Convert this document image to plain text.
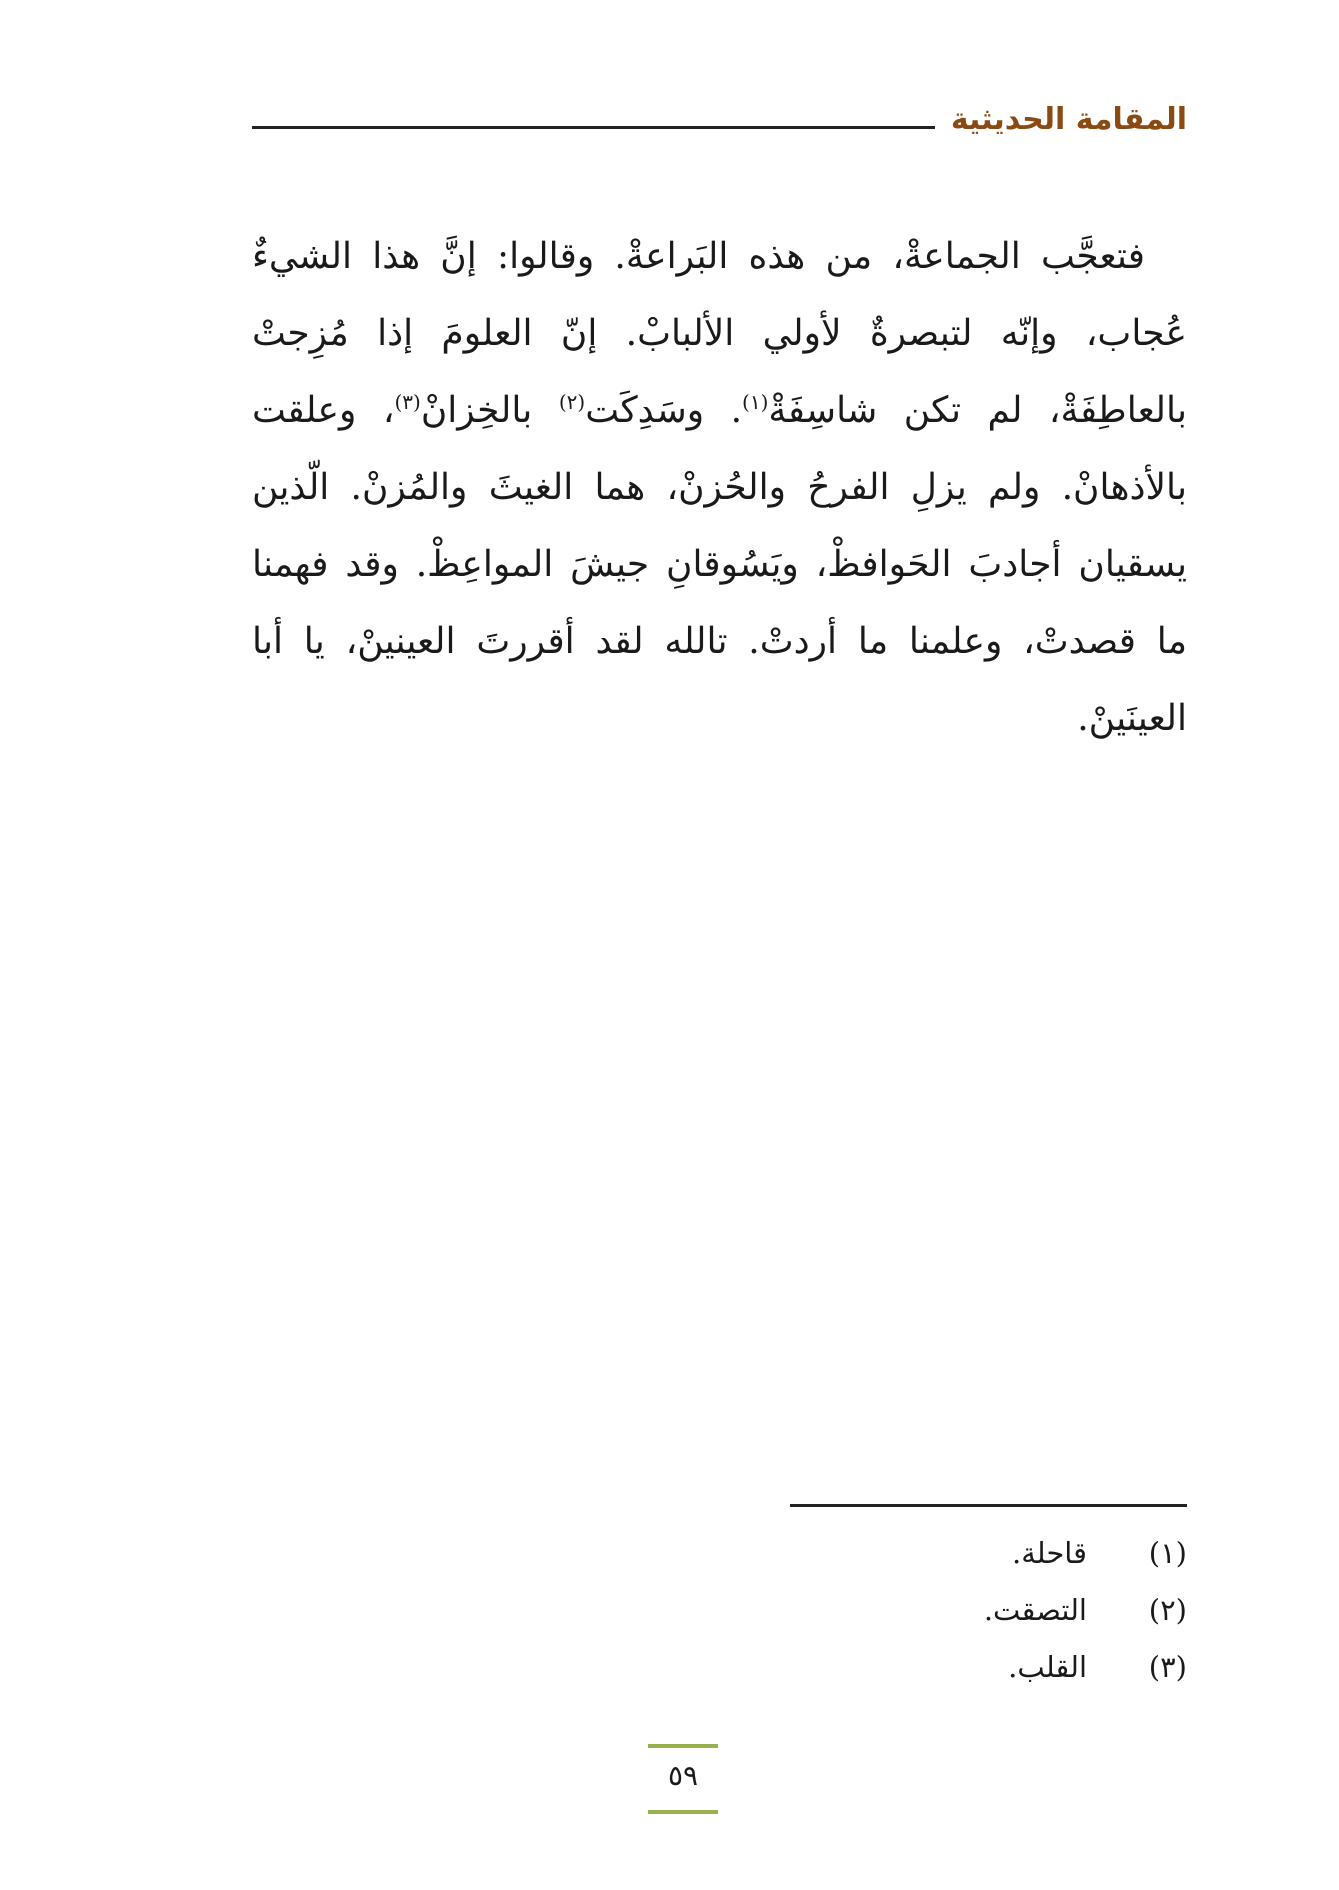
المقامة الحديثية

فتعجَّب الجماعةْ، من هذه البَراعةْ. وقالوا: إنَّ هذا الشيءٌ عُجاب، وإنّه لتبصرةٌ لأولي الألبابْ. إنّ العلومَ إذا مُزِجتْ بالعاطِفَةْ، لم تكن شاسِفَةْ$^{(١)}$. وسَدِكَت$^{(٢)}$ بالخِزانْ$^{(٣)}$، وعلقت بالأذهانْ. ولم يزلِ الفرحُ والحُزنْ، هما الغيثَ والمُزنْ. الّذين يسقيان أجادبَ الحَوافظْ، ويَسُوقانِ جيشَ المواعِظْ. وقد فهمنا ما قصدتْ، وعلمنا ما أردتْ. تالله لقد أقررتَ العينينْ، يا أبا العينَينْ.

(١)قاحلة.
(٢)التصقت.
(٣)القلب.
٥٩
